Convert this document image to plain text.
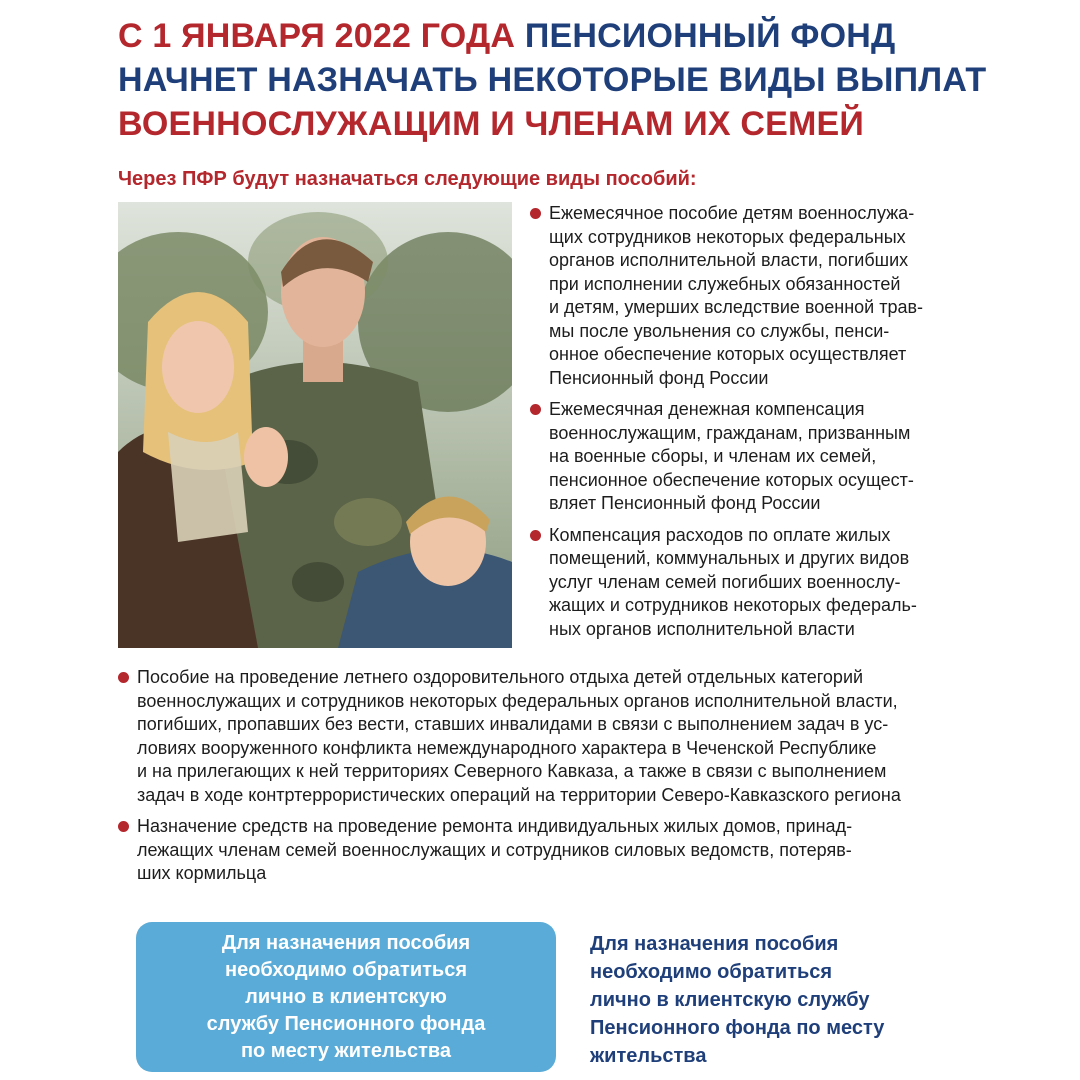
С 1 ЯНВАРЯ 2022 ГОДА ПЕНСИОННЫЙ ФОНД
НАЧНЕТ НАЗНАЧАТЬ НЕКОТОРЫЕ ВИДЫ ВЫПЛАТ
ВОЕННОСЛУЖАЩИМ И ЧЛЕНАМ ИХ СЕМЕЙ
Через ПФР будут назначаться следующие виды пособий:
Ежемесячное пособие детям военнослужа-
щих сотрудников некоторых федеральных
органов исполнительной власти, погибших
при исполнении служебных обязанностей
и детям, умерших вследствие военной трав-
мы после увольнения со службы, пенси-
онное обеспечение которых осуществляет
Пенсионный фонд России
Ежемесячная денежная компенсация
военнослужащим, гражданам, призванным
на военные сборы, и членам их семей,
пенсионное обеспечение которых осущест-
вляет Пенсионный фонд России
Компенсация расходов по оплате жилых
помещений, коммунальных и других видов
услуг членам семей погибших военнослу-
жащих и сотрудников некоторых федераль-
ных органов исполнительной власти
Пособие на проведение летнего оздоровительного отдыха детей отдельных категорий
военнослужащих и сотрудников некоторых федеральных органов исполнительной власти,
погибших, пропавших без вести, ставших инвалидами в связи с выполнением задач в ус-
ловиях вооруженного конфликта немеждународного характера в Чеченской Республике
и на прилегающих к ней территориях Северного Кавказа, а также в связи с выполнением
задач в ходе контртеррористических операций на территории Северо-Кавказского региона
Назначение средств на проведение ремонта индивидуальных жилых домов, принад-
лежащих членам семей военнослужащих и сотрудников силовых ведомств, потеряв-
ших кормильца
Для назначения пособия
необходимо обратиться
лично в клиентскую
службу Пенсионного фонда
по месту жительства
Для назначения пособия
необходимо обратиться
лично в клиентскую службу
Пенсионного фонда по месту
жительства
